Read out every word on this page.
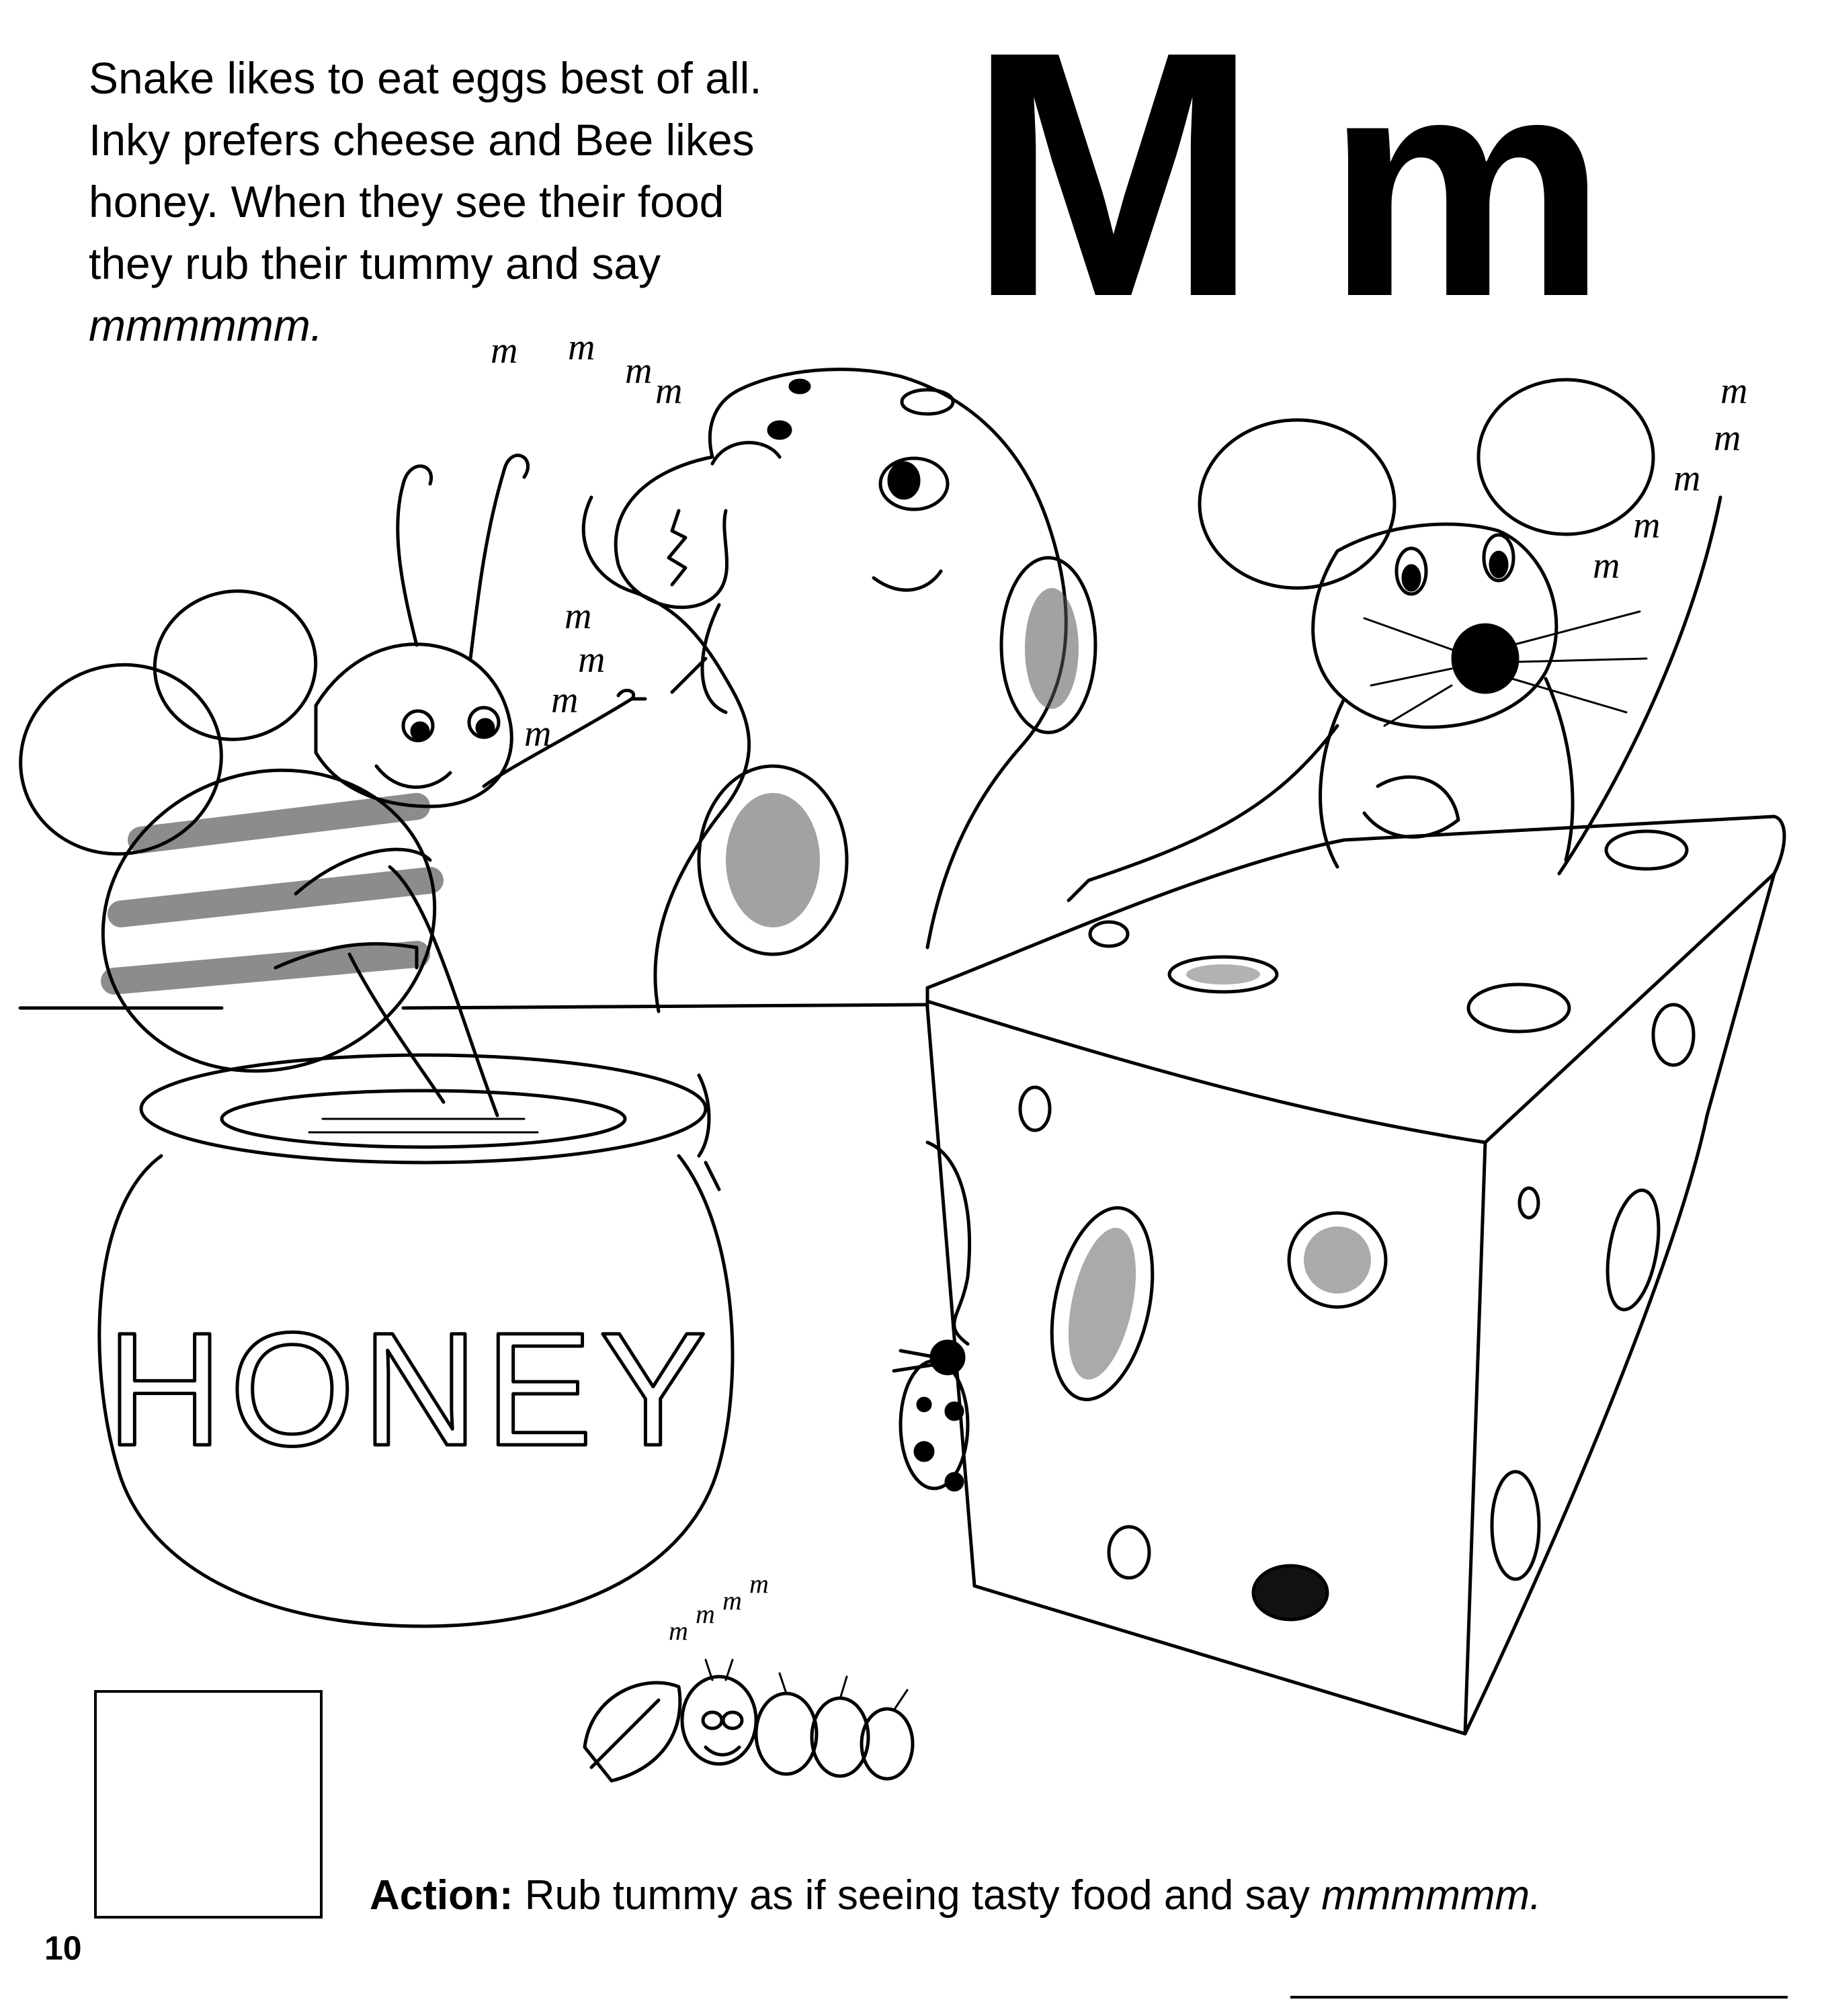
Snake likes to eat eggs best of all.
Inky prefers cheese and Bee likes
honey. When they see their food
they rub their tummy and say
mmmmmm.	M m
HONEY
m m
m m
m
m
m
m
m
m
m
m
m
m
m m
m
Action: Rub tummy as if seeing tasty food and say mmmmmm.
10
